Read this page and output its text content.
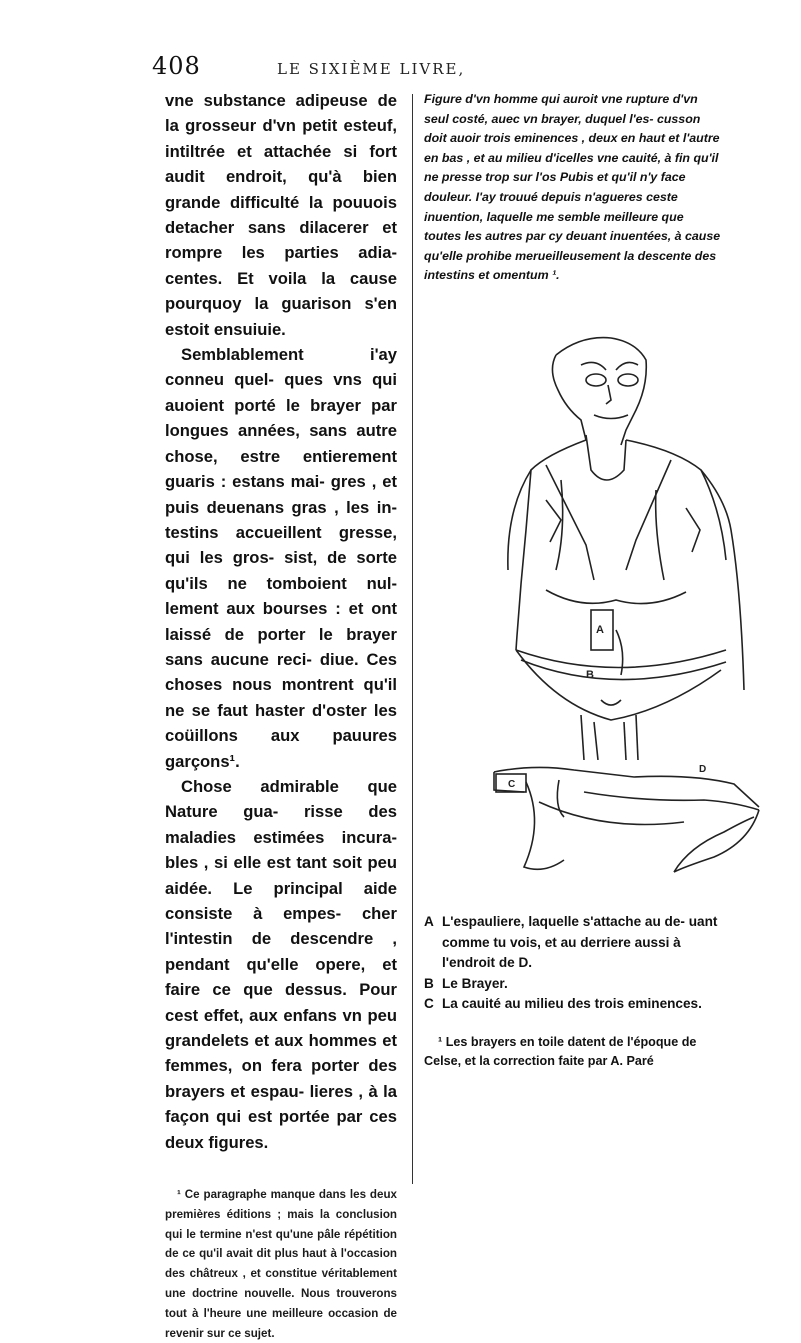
408	LE SIXIÈME LIVRE,
vne substance adipeuse de la grosseur d'vn petit esteuf, intiltrée et attachée si fort audit endroit, qu'à bien grande difficulté la pouuois detacher sans dilacerer et rompre les parties adia- centes. Et voila la cause pourquoy la guarison s'en estoit ensuiuie.
Semblablement i'ay conneu quel- ques vns qui auoient porté le brayer par longues années, sans autre chose, estre entierement guaris : estans mai- gres , et puis deuenans gras , les in- testins accueillent gresse, qui les gros- sist, de sorte qu'ils ne tomboient nul- lement aux bourses : et ont laissé de porter le brayer sans aucune reci- diue. Ces choses nous montrent qu'il ne se faut haster d'oster les coüillons aux pauures garçons¹.
Chose admirable que Nature gua- risse des maladies estimées incura- bles , si elle est tant soit peu aidée. Le principal aide consiste à empes- cher l'intestin de descendre , pendant qu'elle opere, et faire ce que dessus. Pour cest effet, aux enfans vn peu grandelets et aux hommes et femmes, on fera porter des brayers et espau- lieres , à la façon qui est portée par ces deux figures.
¹ Ce paragraphe manque dans les deux premières éditions ; mais la conclusion qui le termine n'est qu'une pâle répétition de ce qu'il avait dit plus haut à l'occasion des châtreux , et constitue véritablement une doctrine nouvelle. Nous trouverons tout à l'heure une meilleure occasion de revenir sur ce sujet.

Figure d'vn homme qui auroit vne rupture d'vn seul costé, auec vn brayer, duquel l'es- cusson doit auoir trois eminences , deux en haut et l'autre en bas , et au milieu d'icelles vne cauité, à fin qu'il ne presse trop sur l'os Pubis et qu'il n'y face douleur. I'ay trouué depuis n'agueres ceste inuention, laquelle me semble meilleure que toutes les autres par cy deuant inuentées, à cause qu'elle prohibe merueilleusement la descente des intestins et omentum ¹.

A
B
C
D
A L'espauliere, laquelle s'attache au de- uant comme tu vois, et au derriere aussi à l'endroit de D.
B Le Brayer.
C La cauité au milieu des trois eminences.
¹ Les brayers en toile datent de l'époque de Celse, et la correction faite par A. Paré
